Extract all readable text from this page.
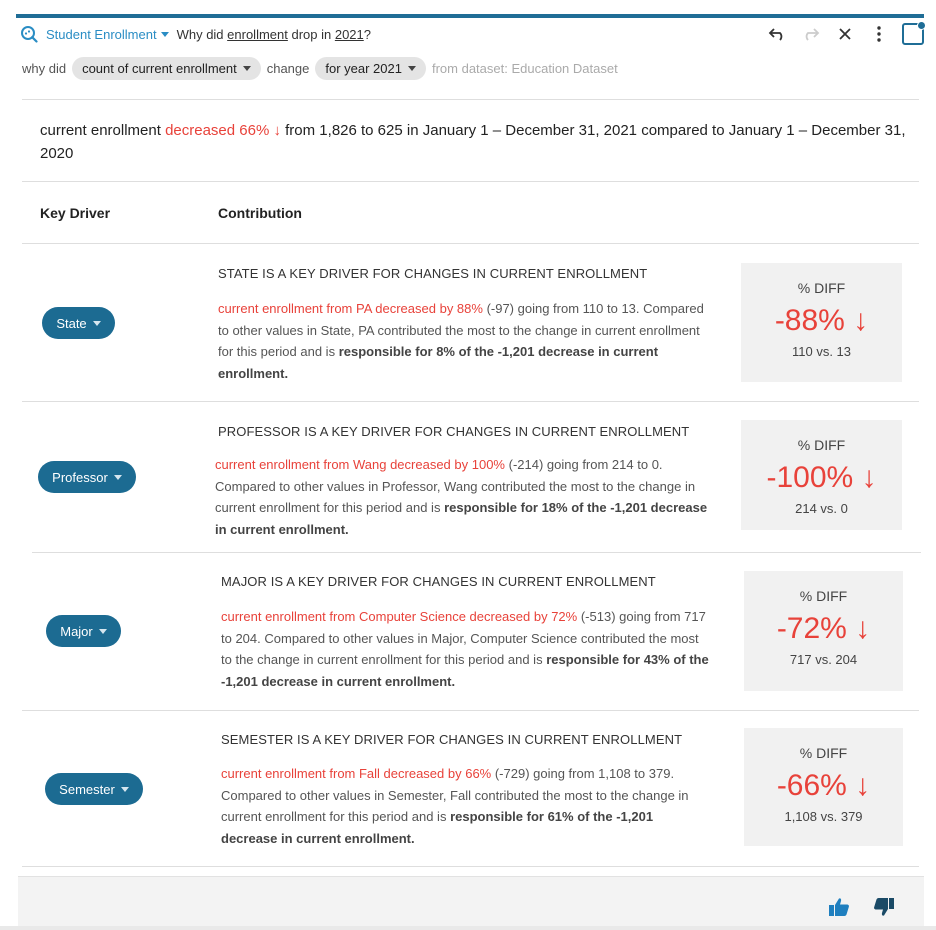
Student Enrollment Why did enrollment drop in 2021?
why did count of current enrollment change for year 2021 from dataset: Education Dataset
current enrollment decreased 66% ↓ from 1,826 to 625 in January 1 – December 31, 2021 compared to January 1 – December 31, 2020
Key Driver	Contribution
State
STATE IS A KEY DRIVER FOR CHANGES IN CURRENT ENROLLMENT
current enrollment from PA decreased by 88% (-97) going from 110 to 13. Compared to other values in State, PA contributed the most to the change in current enrollment for this period and is responsible for 8% of the -1,201 decrease in current enrollment.
% DIFF
-88% ↓
110 vs. 13
Professor
PROFESSOR IS A KEY DRIVER FOR CHANGES IN CURRENT ENROLLMENT
current enrollment from Wang decreased by 100% (-214) going from 214 to 0. Compared to other values in Professor, Wang contributed the most to the change in current enrollment for this period and is responsible for 18% of the -1,201 decrease in current enrollment.
% DIFF
-100% ↓
214 vs. 0
Major
MAJOR IS A KEY DRIVER FOR CHANGES IN CURRENT ENROLLMENT
current enrollment from Computer Science decreased by 72% (-513) going from 717 to 204. Compared to other values in Major, Computer Science contributed the most to the change in current enrollment for this period and is responsible for 43% of the -1,201 decrease in current enrollment.
% DIFF
-72% ↓
717 vs. 204
Semester
SEMESTER IS A KEY DRIVER FOR CHANGES IN CURRENT ENROLLMENT
current enrollment from Fall decreased by 66% (-729) going from 1,108 to 379. Compared to other values in Semester, Fall contributed the most to the change in current enrollment for this period and is responsible for 61% of the -1,201 decrease in current enrollment.
% DIFF
-66% ↓
1,108 vs. 379
